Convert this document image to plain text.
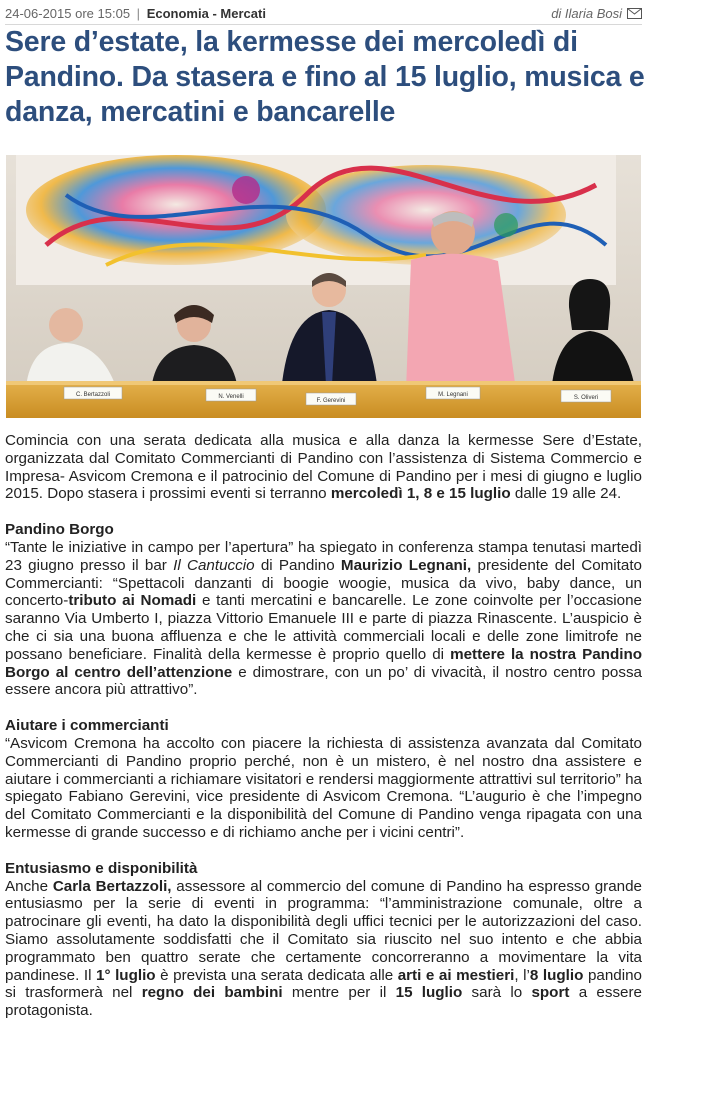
24-06-2015 ore 15:05 | Economia - Mercati	di Ilaria Bosi
Sere d’estate, la kermesse dei mercoledì di Pandino. Da stasera e fino al 15 luglio, musica e danza, mercatini e bancarelle
C. Bertazzoli	N. Venelli
F. Gerevini
M. Legnani	S. Oliveri

Comincia con una serata dedicata alla musica e alla danza la kermesse Sere d’Estate, organizzata dal Comitato Commercianti di Pandino con l’assistenza di Sistema Commercio e Impresa- Asvicom Cremona e il patrocinio del Comune di Pandino per i mesi di giugno e luglio 2015. Dopo stasera i prossimi eventi si terranno mercoledì 1, 8 e 15 luglio dalle 19 alle 24.

Pandino Borgo

“Tante le iniziative in campo per l’apertura” ha spiegato in conferenza stampa tenutasi martedì 23 giugno presso il bar Il Cantuccio di Pandino Maurizio Legnani, presidente del Comitato Commercianti: “Spettacoli danzanti di boogie woogie, musica da vivo, baby dance, un concerto-tributo ai Nomadi e tanti mercatini e bancarelle. Le zone coinvolte per l’occasione saranno Via Umberto I, piazza Vittorio Emanuele III e parte di piazza Rinascente. L’auspicio è che ci sia una buona affluenza e che le attività commerciali locali e delle zone limitrofe ne possano beneficiare. Finalità della kermesse è proprio quello di mettere la nostra Pandino Borgo al centro dell’attenzione e dimostrare, con un po’ di vivacità, il nostro centro possa essere ancora più attrattivo”.

Aiutare i commercianti

“Asvicom Cremona ha accolto con piacere la richiesta di assistenza avanzata dal Comitato Commercianti di Pandino proprio perché, non è un mistero, è nel nostro dna assistere e aiutare i commercianti a richiamare visitatori e rendersi maggiormente attrattivi sul territorio” ha spiegato Fabiano Gerevini, vice presidente di Asvicom Cremona. “L’augurio è che l’impegno del Comitato Commercianti e la disponibilità del Comune di Pandino venga ripagata con una kermesse di grande successo e di richiamo anche per i vicini centri”.

Entusiasmo e disponibilità

Anche Carla Bertazzoli, assessore al commercio del comune di Pandino ha espresso grande entusiasmo per la serie di eventi in programma: “l’amministrazione comunale, oltre a patrocinare gli eventi, ha dato la disponibilità degli uffici tecnici per le autorizzazioni del caso. Siamo assolutamente soddisfatti che il Comitato sia riuscito nel suo intento e che abbia programmato ben quattro serate che certamente concorreranno a movimentare la vita pandinese. Il 1° luglio è prevista una serata dedicata alle arti e ai mestieri, l’8 luglio pandino si trasformerà nel regno dei bambini mentre per il 15 luglio sarà lo sport a essere protagonista.
